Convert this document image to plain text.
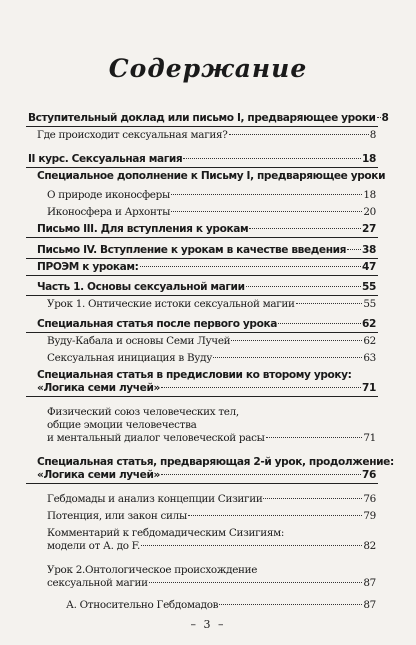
Содержание
Вступительный доклад или письмо I, предваряющее уроки 8
Где происходит сексуальная магия?	8
II курс. Сексуальная магия	18
Специальное дополнение к Письму I, предваряющее уроки
О природе иконосферы	18
Иконосфера и Архонты	20
Письмо III. Для вступления к урокам	27
Письмо IV. Вступление к урокам в качестве введения 38
ПРОЭМ к урокам:	47
Часть 1. Основы сексуальной магии	55
Урок 1. Онтические истоки сексуальной магии	55
Специальная статья после первого урока	62
Вуду-Кабала и основы Семи Лучей	62
Сексуальная инициация в Вуду	63
Специальная статья в предисловии ко второму уроку:
«Логика семи лучей»	71
Физический союз человеческих тел,
общие эмоции человечества
и ментальный диалог человеческой расы	71
Специальная статья, предваряющая 2-й урок, продолжение:
«Логика семи лучей»	76
Гебдомады и анализ концепции Сизигии	76
Потенция, или закон силы	79
Комментарий к гебдомадическим Сизигиям:
модели от А. до F.	82
Урок 2.Онтологическое происхождение
сексуальной магии	87
А. Относительно Гебдомадов	87
– 3 –
